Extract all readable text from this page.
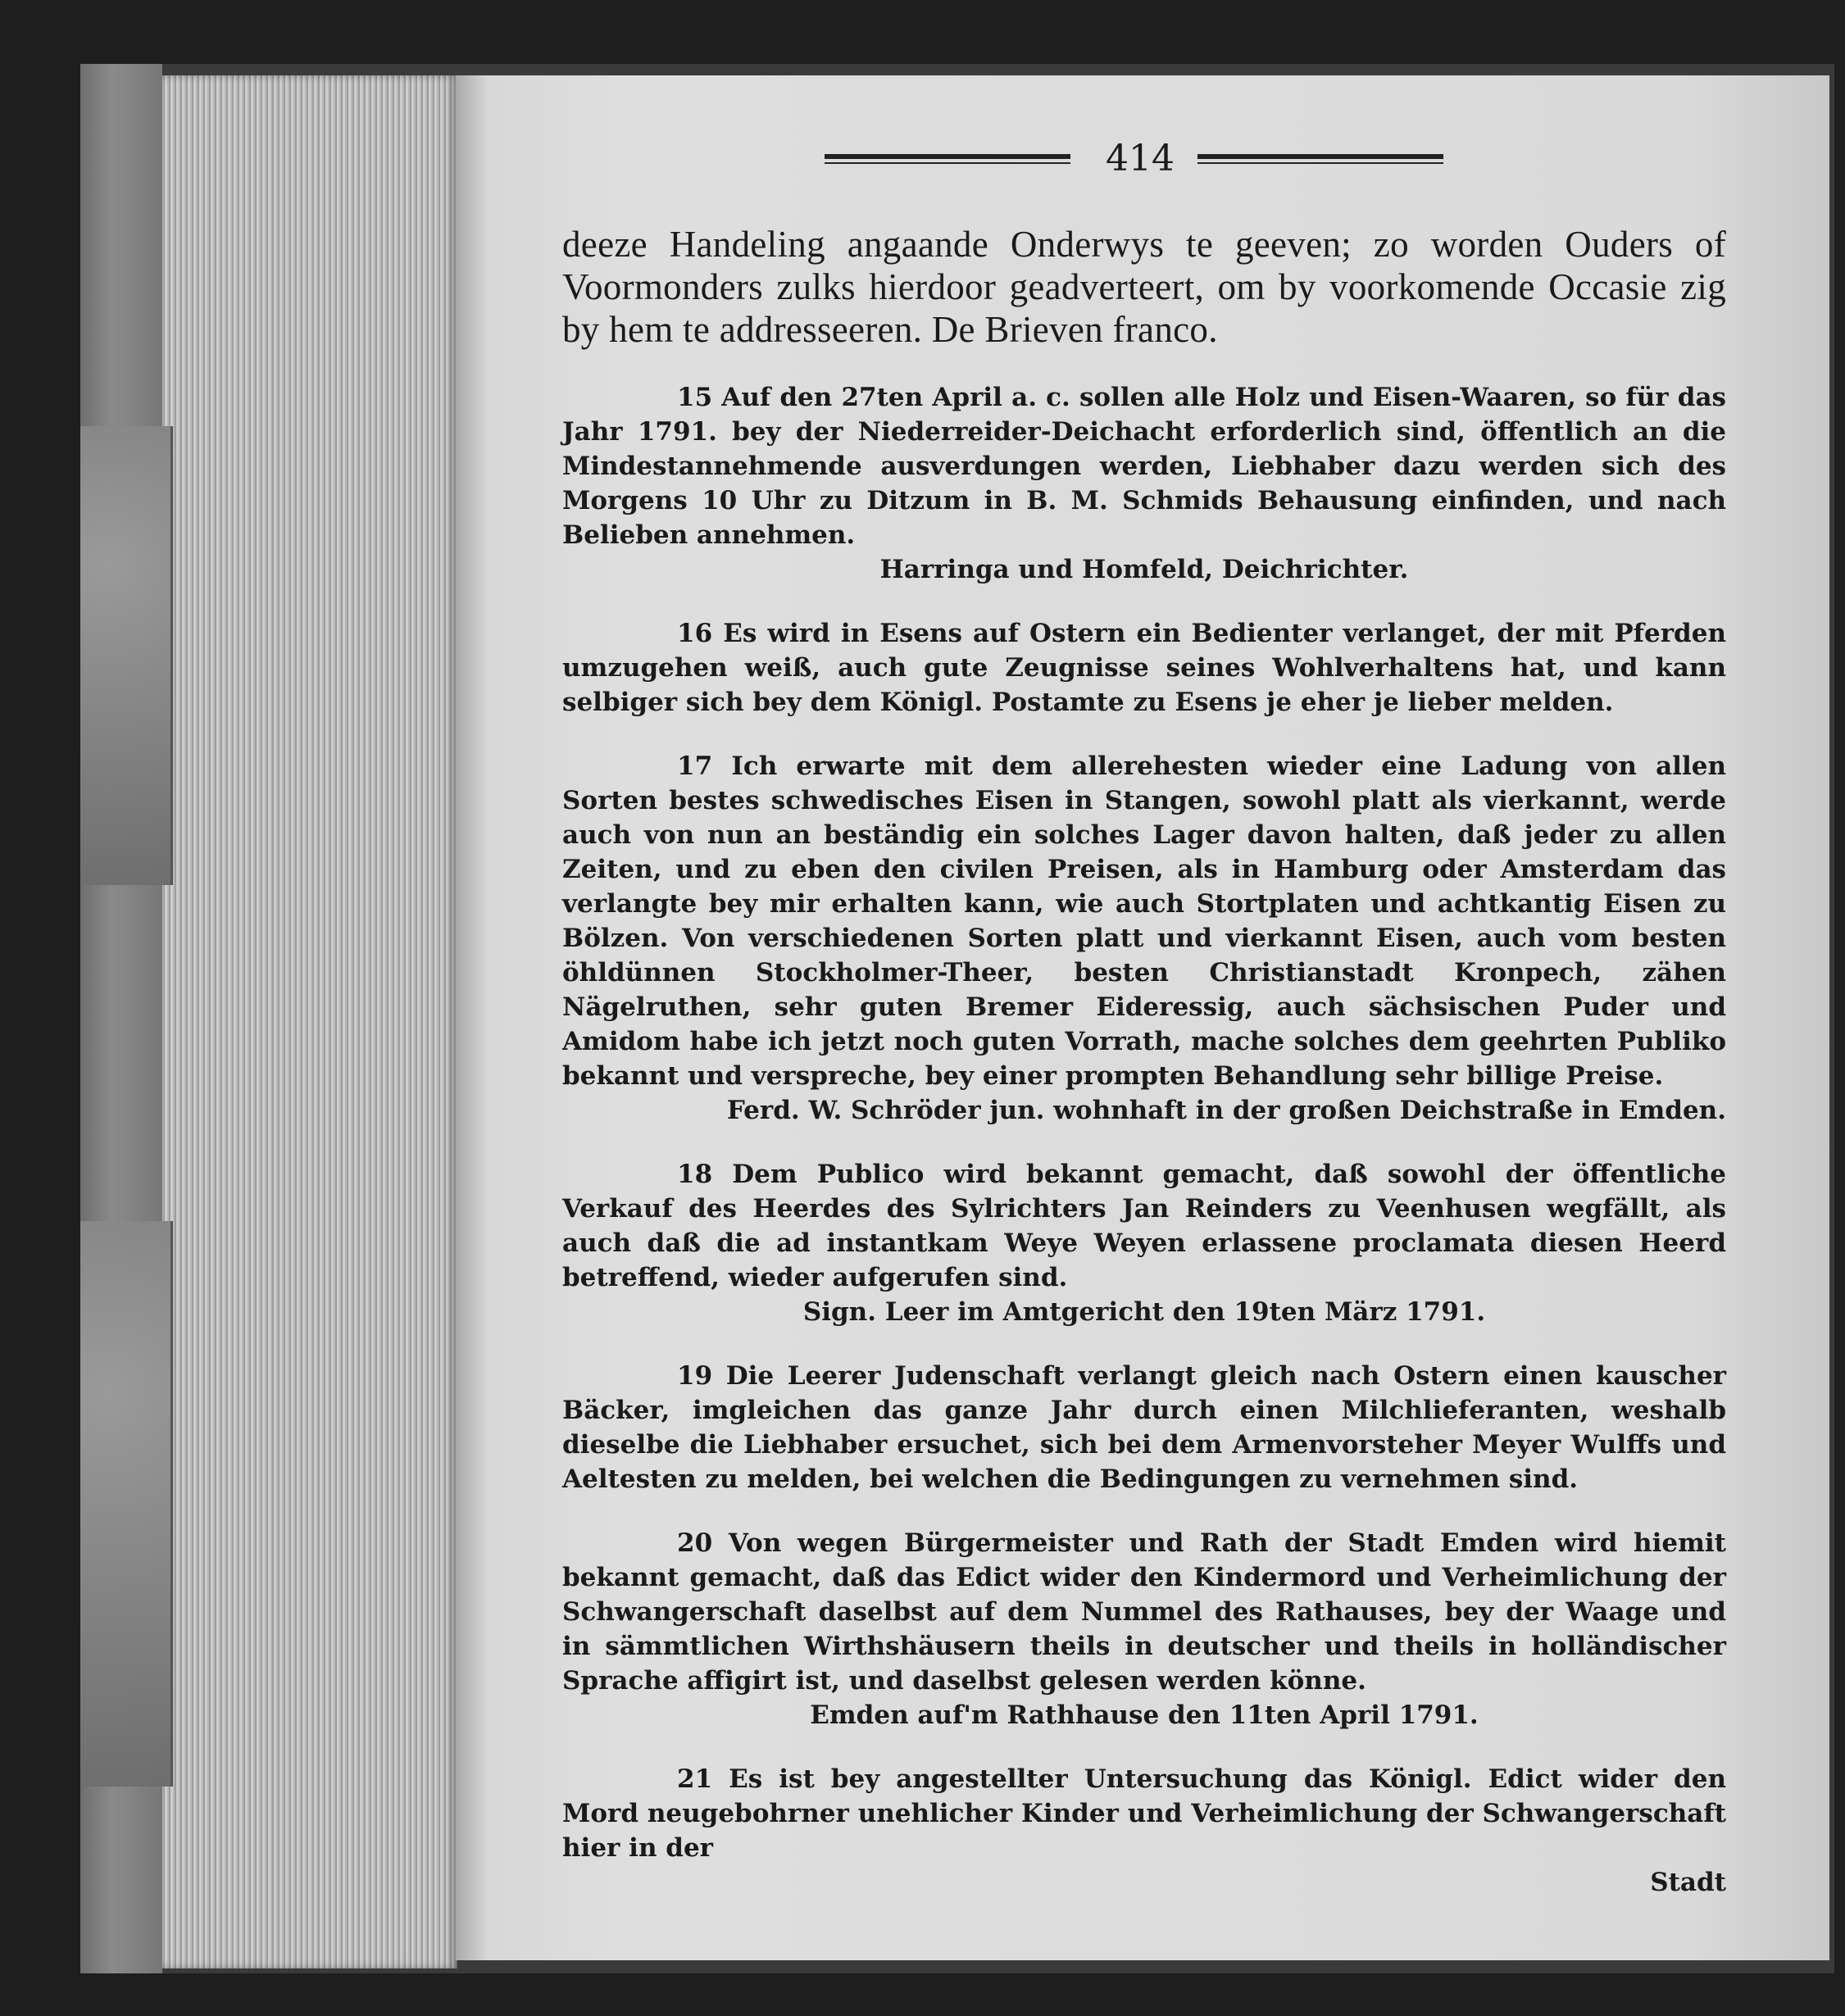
414
deeze Handeling angaande Onderwys te geeven; zo worden Ouders of Voormonders zulks hierdoor geadverteert, om by voorkomende Occasie zig by hem te addresseeren. De Brieven franco.
15 Auf den 27ten April a. c. sollen alle Holz und Eisen-Waaren, so für das Jahr 1791. bey der Niederreider-Deichacht erforderlich sind, öffentlich an die Mindestannehmende ausverdungen werden, Liebhaber dazu werden sich des Morgens 10 Uhr zu Ditzum in B. M. Schmids Behausung einfinden, und nach Belieben annehmen.
Harringa und Homfeld, Deichrichter.
16 Es wird in Esens auf Ostern ein Bedienter verlanget, der mit Pferden umzugehen weiß, auch gute Zeugnisse seines Wohlverhaltens hat, und kann selbiger sich bey dem Königl. Postamte zu Esens je eher je lieber melden.
17 Ich erwarte mit dem allerehesten wieder eine Ladung von allen Sorten bestes schwedisches Eisen in Stangen, sowohl platt als vierkannt, werde auch von nun an beständig ein solches Lager davon halten, daß jeder zu allen Zeiten, und zu eben den civilen Preisen, als in Hamburg oder Amsterdam das verlangte bey mir erhalten kann, wie auch Stortplaten und achtkantig Eisen zu Bölzen. Von verschiedenen Sorten platt und vierkannt Eisen, auch vom besten öhldünnen Stockholmer-Theer, besten Christianstadt Kronpech, zähen Nägelruthen, sehr guten Bremer Eideressig, auch sächsischen Puder und Amidom habe ich jetzt noch guten Vorrath, mache solches dem geehrten Publiko bekannt und verspreche, bey einer prompten Behandlung sehr billige Preise.
Ferd. W. Schröder jun. wohnhaft in der großen Deichstraße in Emden.
18 Dem Publico wird bekannt gemacht, daß sowohl der öffentliche Verkauf des Heerdes des Sylrichters Jan Reinders zu Veenhusen wegfällt, als auch daß die ad instantkam Weye Weyen erlassene proclamata diesen Heerd betreffend, wieder aufgerufen sind.
Sign. Leer im Amtgericht den 19ten März 1791.
19 Die Leerer Judenschaft verlangt gleich nach Ostern einen kauscher Bäcker, imgleichen das ganze Jahr durch einen Milchlieferanten, weshalb dieselbe die Liebhaber ersuchet, sich bei dem Armenvorsteher Meyer Wulffs und Aeltesten zu melden, bei welchen die Bedingungen zu vernehmen sind.
20 Von wegen Bürgermeister und Rath der Stadt Emden wird hiemit bekannt gemacht, daß das Edict wider den Kindermord und Verheimlichung der Schwangerschaft daselbst auf dem Nummel des Rathauses, bey der Waage und in sämmtlichen Wirthshäusern theils in deutscher und theils in holländischer Sprache affigirt ist, und daselbst gelesen werden könne.
Emden auf'm Rathhause den 11ten April 1791.
21 Es ist bey angestellter Untersuchung das Königl. Edict wider den Mord neugebohrner unehlicher Kinder und Verheimlichung der Schwangerschaft hier in der
Stadt
